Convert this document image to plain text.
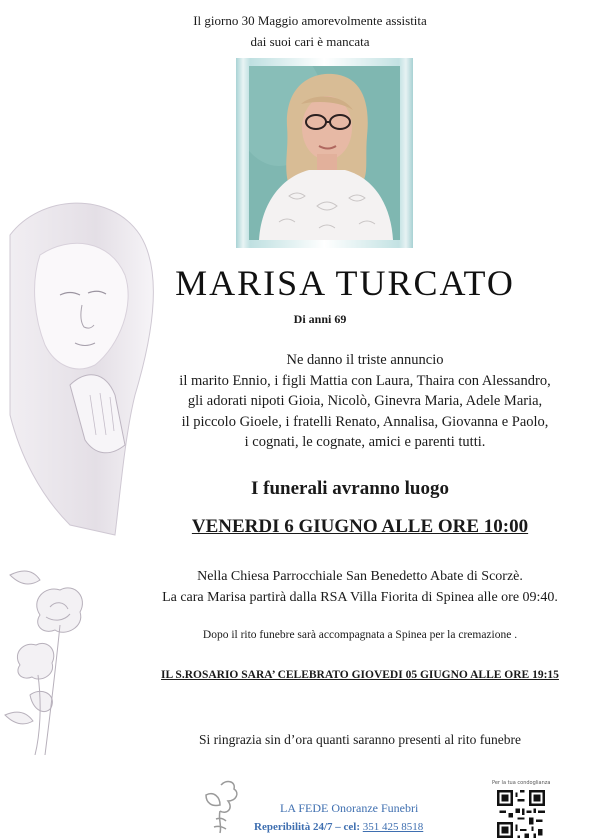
Il giorno 30 Maggio amorevolmente assistita
dai suoi cari è mancata
MARISA TURCATO
Di anni 69
Ne danno il triste annuncio
il marito Ennio, i figli Mattia con Laura, Thaira con Alessandro,
gli adorati nipoti Gioia, Nicolò, Ginevra Maria, Adele Maria,
il piccolo Gioele, i fratelli Renato, Annalisa, Giovanna e Paolo,
i cognati, le cognate, amici e parenti tutti.
I funerali avranno luogo
VENERDI 6 GIUGNO ALLE ORE 10:00
Nella Chiesa Parrocchiale San Benedetto Abate di Scorzè.
La cara Marisa partirà dalla RSA Villa Fiorita di Spinea alle ore 09:40.
Dopo il rito funebre sarà accompagnata a Spinea per la cremazione .
IL S.ROSARIO SARA’ CELEBRATO GIOVEDI 05 GIUGNO ALLE ORE 19:15
Si ringrazia sin d’ora quanti saranno presenti al rito funebre
LA FEDE Onoranze Funebri
Reperibilità 24/7 – cel: 351 425 8518
Per la tua condoglianza
